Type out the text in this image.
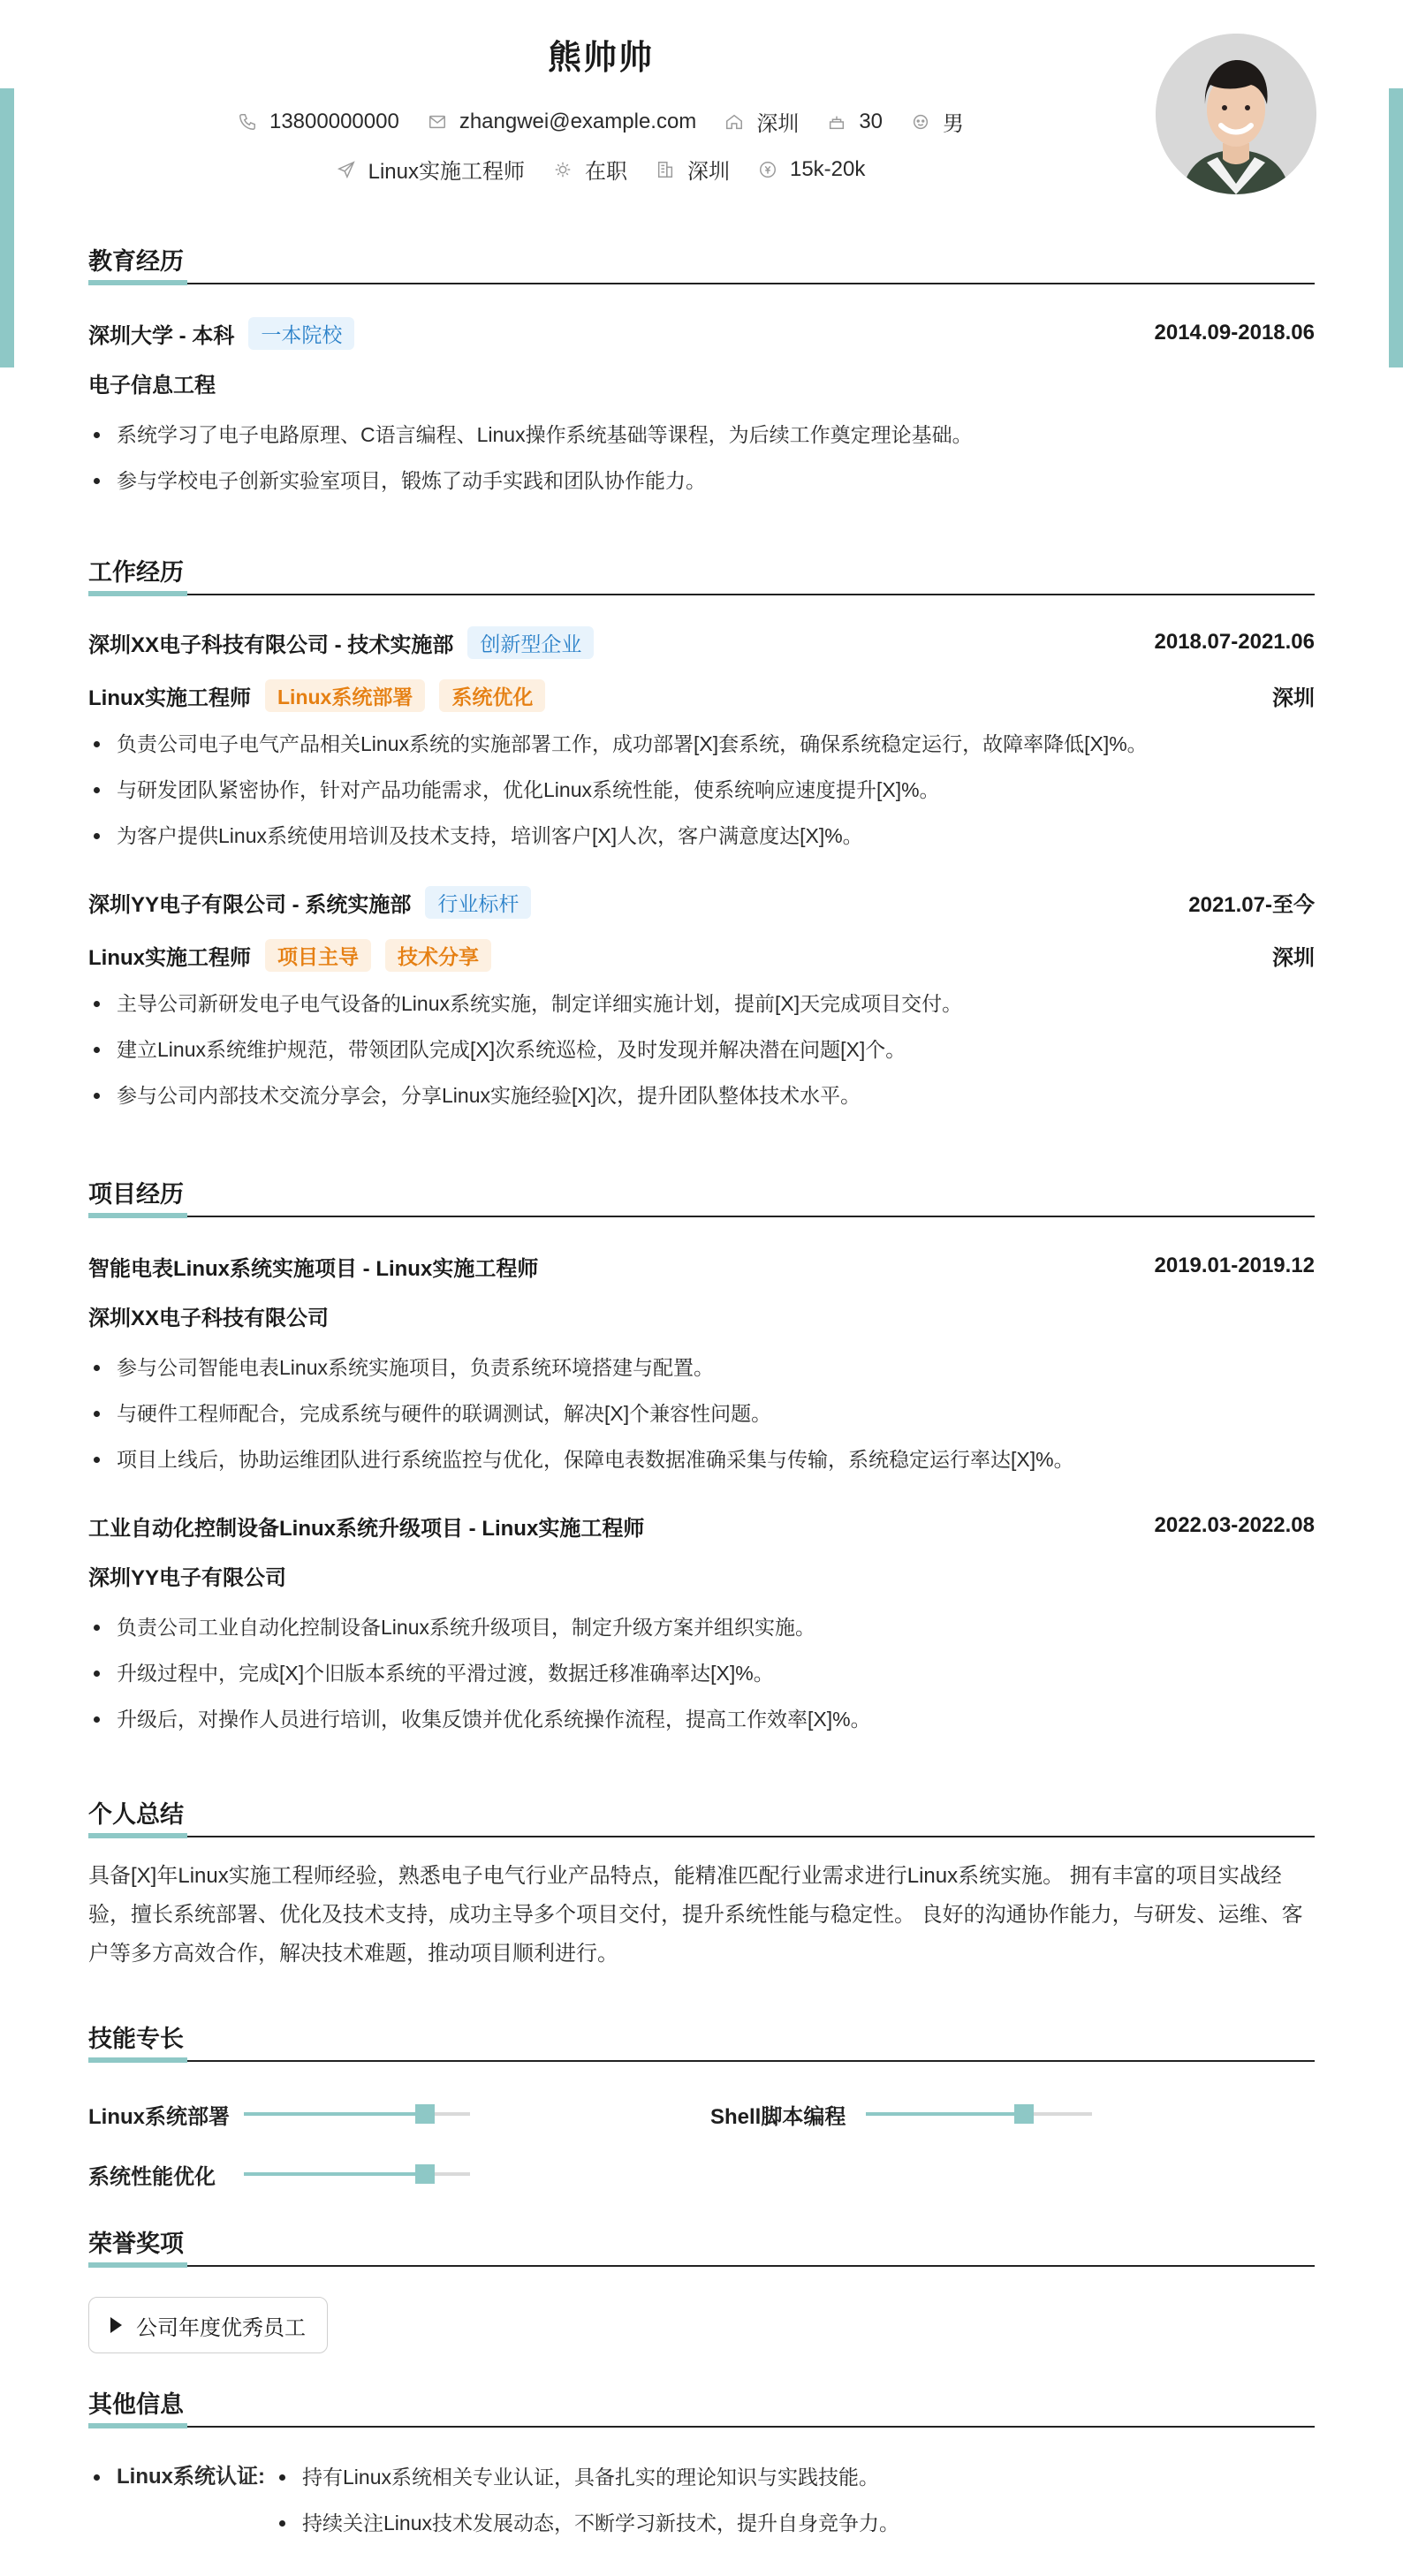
熊帅帅
13800000000	zhangwei@example.com	深圳	30	男
Linux实施工程师	在职	深圳	15k-20k
教育经历
深圳大学 - 本科	一本院校	2014.09-2018.06
电子信息工程
系统学习了电子电路原理、C语言编程、Linux操作系统基础等课程，为后续工作奠定理论基础。
参与学校电子创新实验室项目，锻炼了动手实践和团队协作能力。
工作经历
深圳XX电子科技有限公司 - 技术实施部	创新型企业	2018.07-2021.06
Linux实施工程师	Linux系统部署	系统优化	深圳
负责公司电子电气产品相关Linux系统的实施部署工作，成功部署[X]套系统，确保系统稳定运行，故障率降低[X]%。
与研发团队紧密协作，针对产品功能需求，优化Linux系统性能，使系统响应速度提升[X]%。
为客户提供Linux系统使用培训及技术支持，培训客户[X]人次，客户满意度达[X]%。
深圳YY电子有限公司 - 系统实施部	行业标杆	2021.07-至今
Linux实施工程师	项目主导	技术分享	深圳
主导公司新研发电子电气设备的Linux系统实施，制定详细实施计划，提前[X]天完成项目交付。
建立Linux系统维护规范，带领团队完成[X]次系统巡检，及时发现并解决潜在问题[X]个。
参与公司内部技术交流分享会，分享Linux实施经验[X]次，提升团队整体技术水平。
项目经历
智能电表Linux系统实施项目 - Linux实施工程师	2019.01-2019.12
深圳XX电子科技有限公司
参与公司智能电表Linux系统实施项目，负责系统环境搭建与配置。
与硬件工程师配合，完成系统与硬件的联调测试，解决[X]个兼容性问题。
项目上线后，协助运维团队进行系统监控与优化，保障电表数据准确采集与传输，系统稳定运行率达[X]%。
工业自动化控制设备Linux系统升级项目 - Linux实施工程师	2022.03-2022.08
深圳YY电子有限公司
负责公司工业自动化控制设备Linux系统升级项目，制定升级方案并组织实施。
升级过程中，完成[X]个旧版本系统的平滑过渡，数据迁移准确率达[X]%。
升级后，对操作人员进行培训，收集反馈并优化系统操作流程，提高工作效率[X]%。
个人总结
具备[X]年Linux实施工程师经验，熟悉电子电气行业产品特点，能精准匹配行业需求进行Linux系统实施。 拥有丰富的项目实战经
验，擅长系统部署、优化及技术支持，成功主导多个项目交付，提升系统性能与稳定性。 良好的沟通协作能力，与研发、运维、客
户等多方高效合作，解决技术难题，推动项目顺利进行。
技能专长
Linux系统部署	Shell脚本编程
系统性能优化
荣誉奖项
公司年度优秀员工
其他信息
Linux系统认证:	持有Linux系统相关专业认证，具备扎实的理论知识与实践技能。
持续关注Linux技术发展动态，不断学习新技术，提升自身竞争力。
